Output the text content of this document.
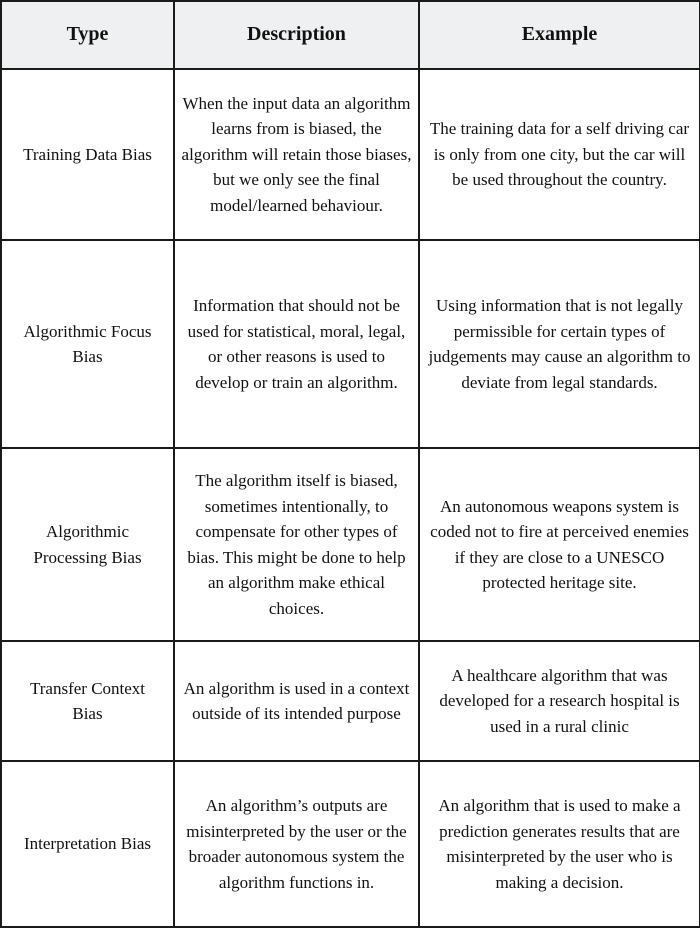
Type	Description	Example
Training Data Bias	When the input data an algorithm learns from is biased, the algorithm will retain those biases, but we only see the final model/learned behaviour.	The training data for a self driving car is only from one city, but the car will be used throughout the country.
Algorithmic Focus Bias	Information that should not be used for statistical, moral, legal, or other reasons is used to develop or train an algorithm.	Using information that is not legally permissible for certain types of judgements may cause an algorithm to deviate from legal standards.
Algorithmic Processing Bias	The algorithm itself is biased, sometimes intentionally, to compensate for other types of bias. This might be done to help an algorithm make ethical choices.	An autonomous weapons system is coded not to fire at perceived enemies if they are close to a UNESCO protected heritage site.
Transfer Context Bias	An algorithm is used in a context outside of its intended purpose	A healthcare algorithm that was developed for a research hospital is used in a rural clinic
Interpretation Bias	An algorithm’s outputs are misinterpreted by the user or the broader autonomous system the algorithm functions in.	An algorithm that is used to make a prediction generates results that are misinterpreted by the user who is making a decision.
